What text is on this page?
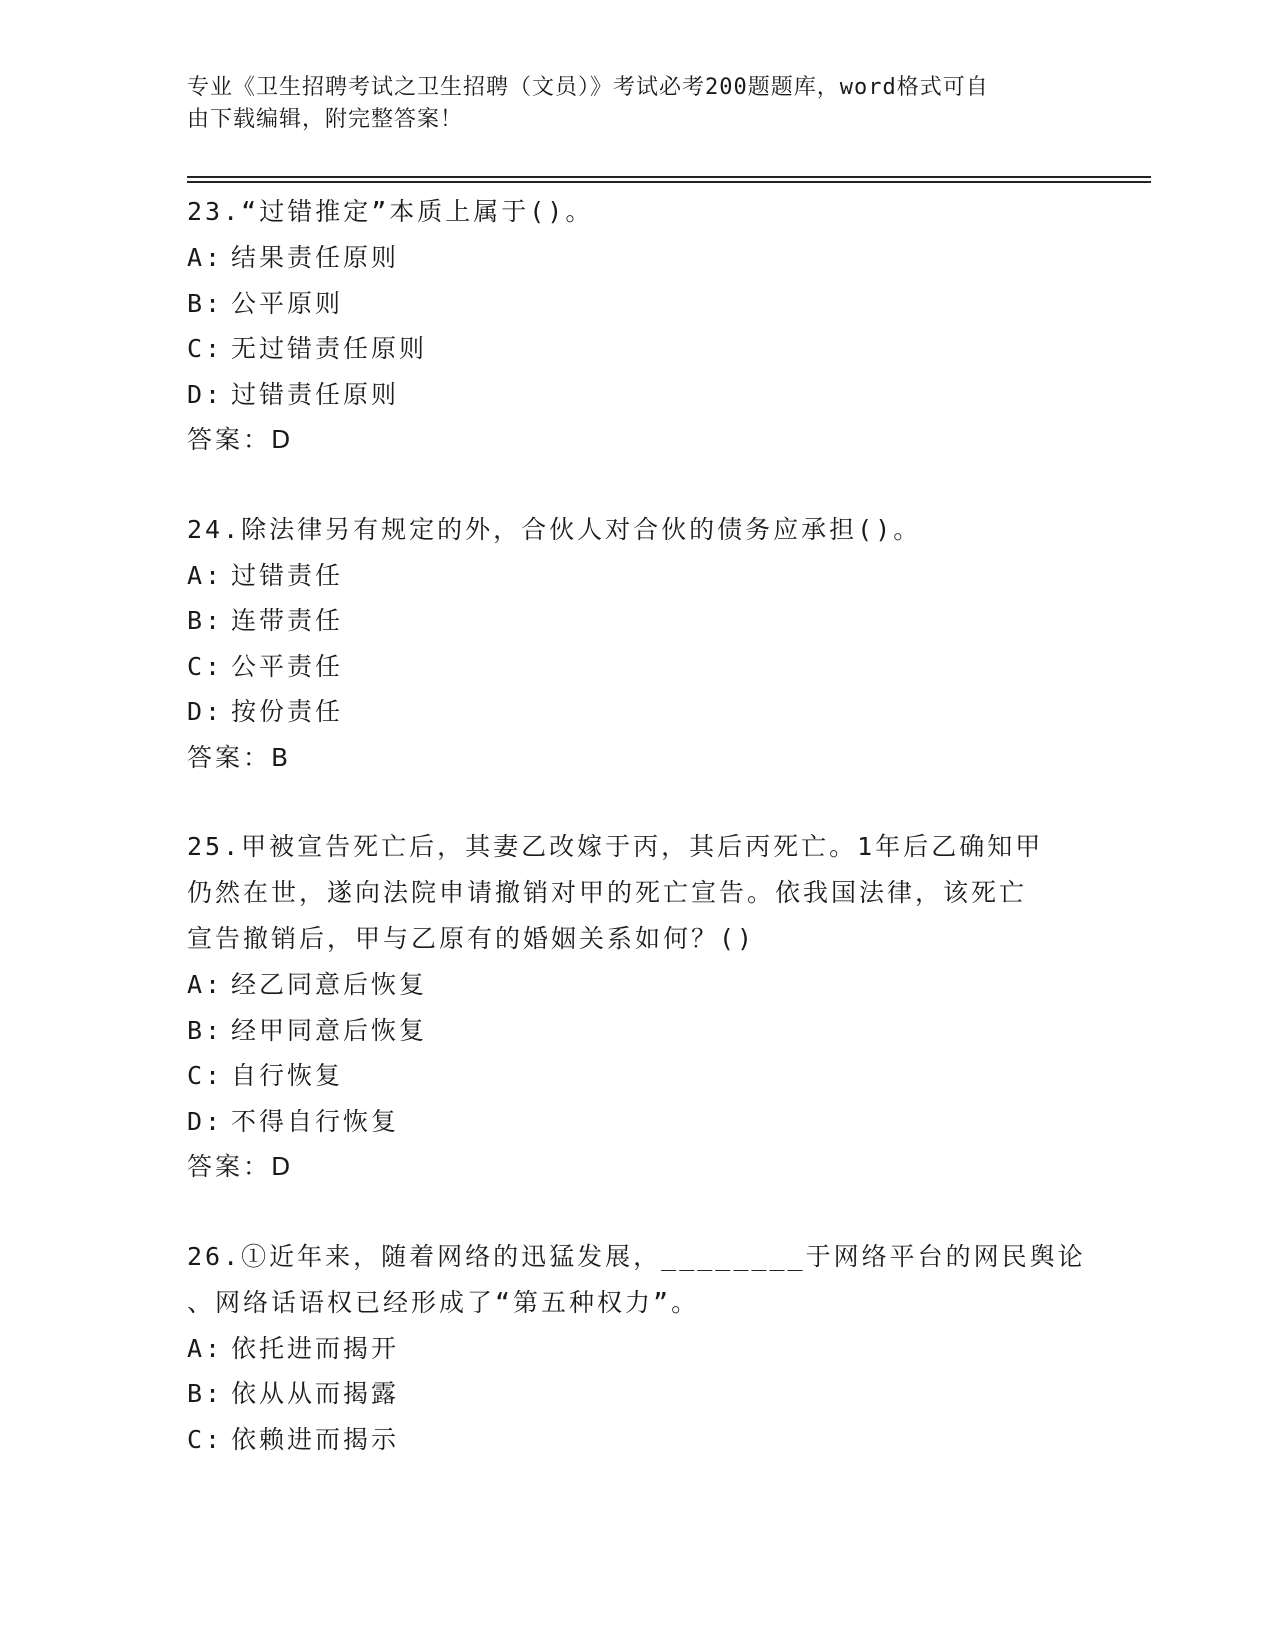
专业《卫生招聘考试之卫生招聘（文员）》考试必考200题题库，word格式可自
由下载编辑，附完整答案！
23.“过错推定”本质上属于()。
A: 结果责任原则
B: 公平原则
C: 无过错责任原则
D: 过错责任原则
答案：D
24.除法律另有规定的外，合伙人对合伙的债务应承担()。
A: 过错责任
B: 连带责任
C: 公平责任
D: 按份责任
答案：B
25.甲被宣告死亡后，其妻乙改嫁于丙，其后丙死亡。1年后乙确知甲
仍然在世，遂向法院申请撤销对甲的死亡宣告。依我国法律，该死亡
宣告撤销后，甲与乙原有的婚姻关系如何？()
A: 经乙同意后恢复
B: 经甲同意后恢复
C: 自行恢复
D: 不得自行恢复
答案：D
26.①近年来，随着网络的迅猛发展，________于网络平台的网民舆论
、网络话语权已经形成了“第五种权力”。
A: 依托进而揭开
B: 依从从而揭露
C: 依赖进而揭示
